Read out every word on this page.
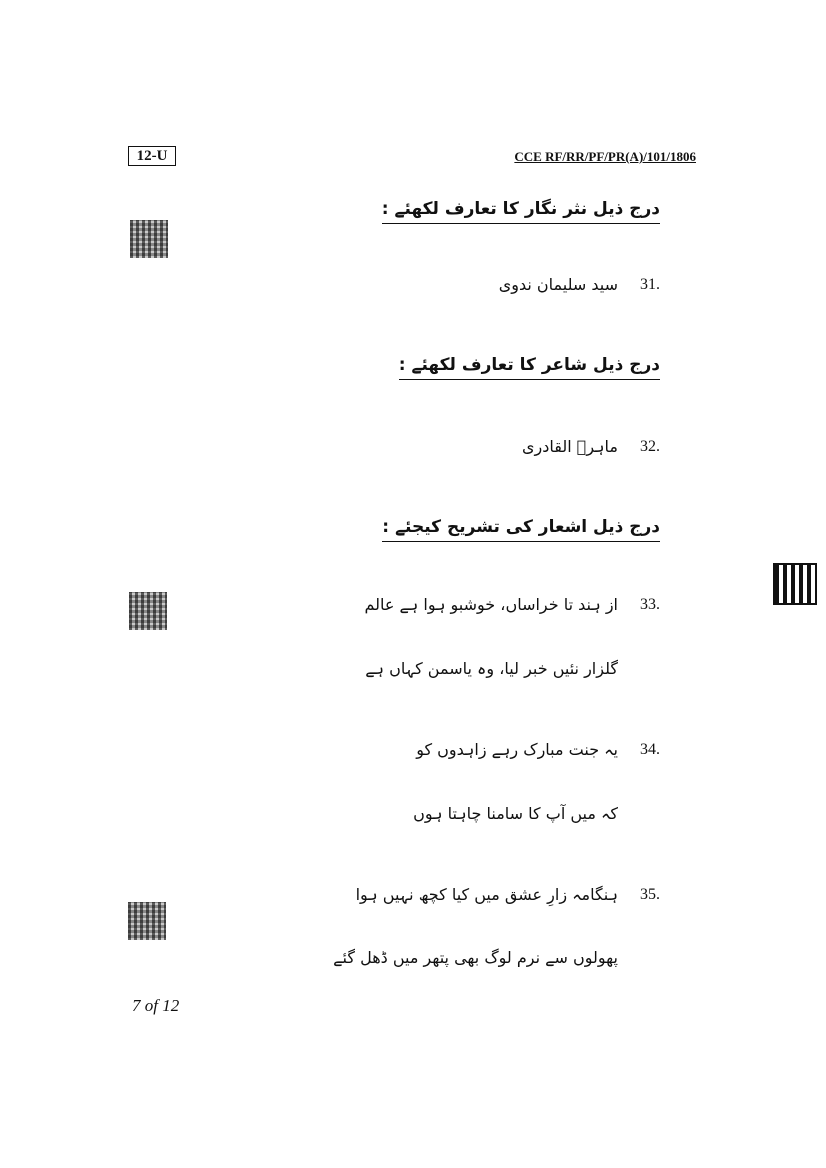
12-U	CCE RF/RR/PF/PR(A)/101/1806
درج ذیل نثر نگار کا تعارف لکھئے:
31.
سید سلیمان ندوی
درج ذیل شاعر کا تعارف لکھئے:
32.
ماہرؔ القادری
درج ذیل اشعار کی تشریح کیجئے:
33.
از ہند تا خراساں، خوشبو ہوا ہے عالم
گلزار نئیں خبر لیا، وہ یاسمن کہاں ہے
34.
یہ جنت مبارک رہے زاہدوں کو
کہ میں آپ کا سامنا چاہتا ہوں
35.
ہنگامہ زارِ عشق میں کیا کچھ نہیں ہوا
پھولوں سے نرم لوگ بھی پتھر میں ڈھل گئے
7 of 12
